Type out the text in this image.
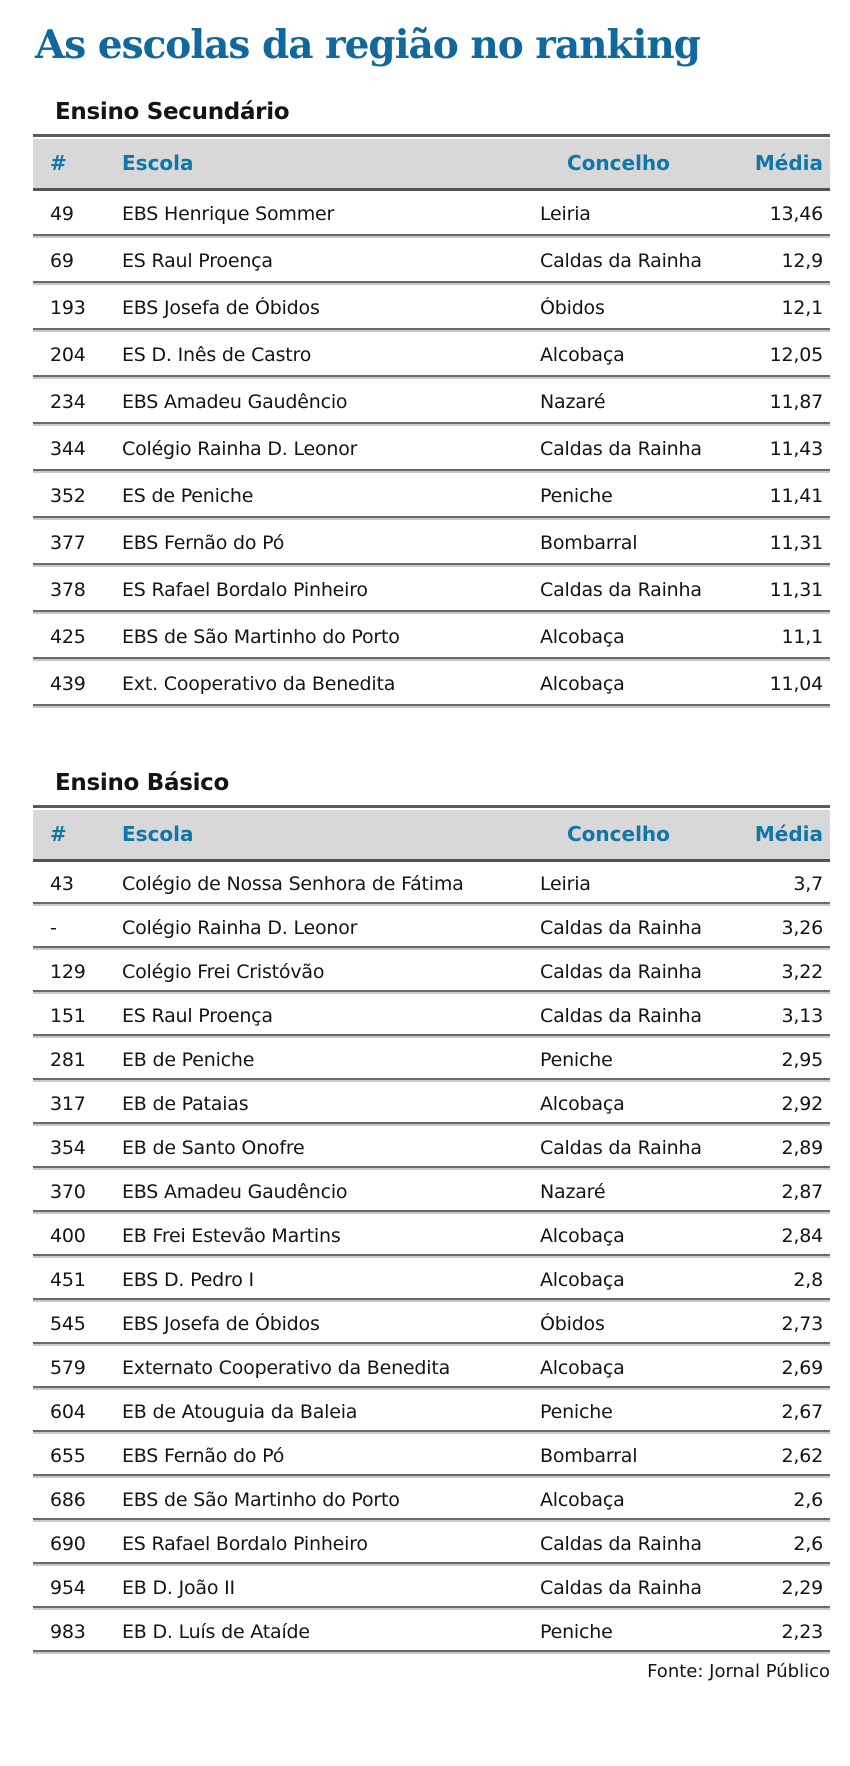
As escolas da região no ranking
Ensino Secundário
#	Escola	Concelho	Média
49	EBS Henrique Sommer	Leiria	13,46
69	ES Raul Proença	Caldas da Rainha	12,9
193	EBS Josefa de Óbidos	Óbidos	12,1
204	ES D. Inês de Castro	Alcobaça	12,05
234	EBS Amadeu Gaudêncio	Nazaré	11,87
344	Colégio Rainha D. Leonor	Caldas da Rainha	11,43
352	ES de Peniche	Peniche	11,41
377	EBS Fernão do Pó	Bombarral	11,31
378	ES Rafael Bordalo Pinheiro	Caldas da Rainha	11,31
425	EBS de São Martinho do Porto	Alcobaça	11,1
439	Ext. Cooperativo da Benedita	Alcobaça	11,04
Ensino Básico
#	Escola	Concelho	Média
43	Colégio de Nossa Senhora de Fátima	Leiria	3,7
-	Colégio Rainha D. Leonor	Caldas da Rainha	3,26
129	Colégio Frei Cristóvão	Caldas da Rainha	3,22
151	ES Raul Proença	Caldas da Rainha	3,13
281	EB de Peniche	Peniche	2,95
317	EB de Pataias	Alcobaça	2,92
354	EB de Santo Onofre	Caldas da Rainha	2,89
370	EBS Amadeu Gaudêncio	Nazaré	2,87
400	EB Frei Estevão Martins	Alcobaça	2,84
451	EBS D. Pedro I	Alcobaça	2,8
545	EBS Josefa de Óbidos	Óbidos	2,73
579	Externato Cooperativo da Benedita	Alcobaça	2,69
604	EB de Atouguia da Baleia	Peniche	2,67
655	EBS Fernão do Pó	Bombarral	2,62
686	EBS de São Martinho do Porto	Alcobaça	2,6
690	ES Rafael Bordalo Pinheiro	Caldas da Rainha	2,6
954	EB D. João II	Caldas da Rainha	2,29
983	EB D. Luís de Ataíde	Peniche	2,23
Fonte: Jornal Público
